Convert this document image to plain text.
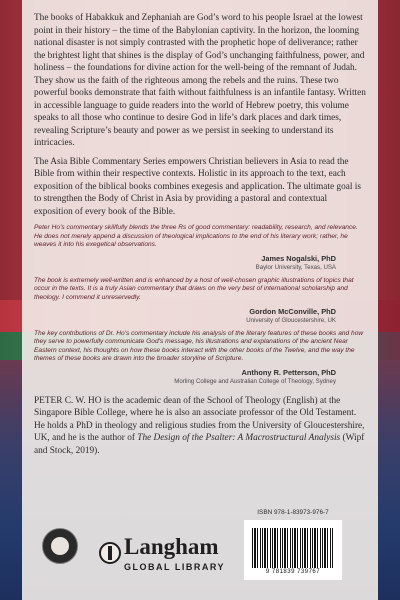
The books of Habakkuk and Zephaniah are God’s word to his people Israel at the lowest point in their history – the time of the Babylonian captivity. In the horizon, the looming national disaster is not simply contrasted with the prophetic hope of deliverance; rather the brightest light that shines is the display of God’s unchanging faithfulness, power, and holiness – the foundations for divine action for the well-being of the remnant of Judah. They show us the faith of the righteous among the rebels and the ruins. These two powerful books demonstrate that faith without faithfulness is an infantile fantasy. Written in accessible language to guide readers into the world of Hebrew poetry, this volume speaks to all those who continue to desire God in life’s dark places and dark times, revealing Scripture’s beauty and power as we persist in seeking to understand its intricacies.

The Asia Bible Commentary Series empowers Christian believers in Asia to read the Bible from within their respective contexts. Holistic in its approach to the text, each exposition of the biblical books combines exegesis and application. The ultimate goal is to strengthen the Body of Christ in Asia by providing a pastoral and contextual exposition of every book of the Bible.

Peter Ho’s commentary skillfully blends the three Rs of good commentary: readability, research, and relevance. He does not merely append a discussion of theological implications to the end of his literary work; rather, he weaves it into his exegetical observations.
James Nogalski, PhD
Baylor University, Texas, USA
The book is extremely well-written and is enhanced by a host of well-chosen graphic illustrations of topics that occur in the texts. It is a truly Asian commentary that draws on the very best of international scholarship and theology. I commend it unreservedly.
Gordon McConville, PhD
University of Gloucestershire, UK
The key contributions of Dr. Ho’s commentary include his analysis of the literary features of these books and how they serve to powerfully communicate God’s message, his illustrations and explanations of the ancient Near Eastern context, his thoughts on how these books interact with the other books of the Twelve, and the way the themes of these books are drawn into the broader storyline of Scripture.
Anthony R. Petterson, PhD
Morling College and Australian College of Theology, Sydney
PETER C. W. HO is the academic dean of the School of Theology (English) at the Singapore Bible College, where he is also an associate professor of the Old Testament. He holds a PhD in theology and religious studies from the University of Gloucestershire, UK, and he is the author of The Design of the Psalter: A Macrostructural Analysis (Wipf and Stock, 2019).
Langham
GLOBAL LIBRARY
ISBN 978-1-83973-976-7
9 781839 739767
